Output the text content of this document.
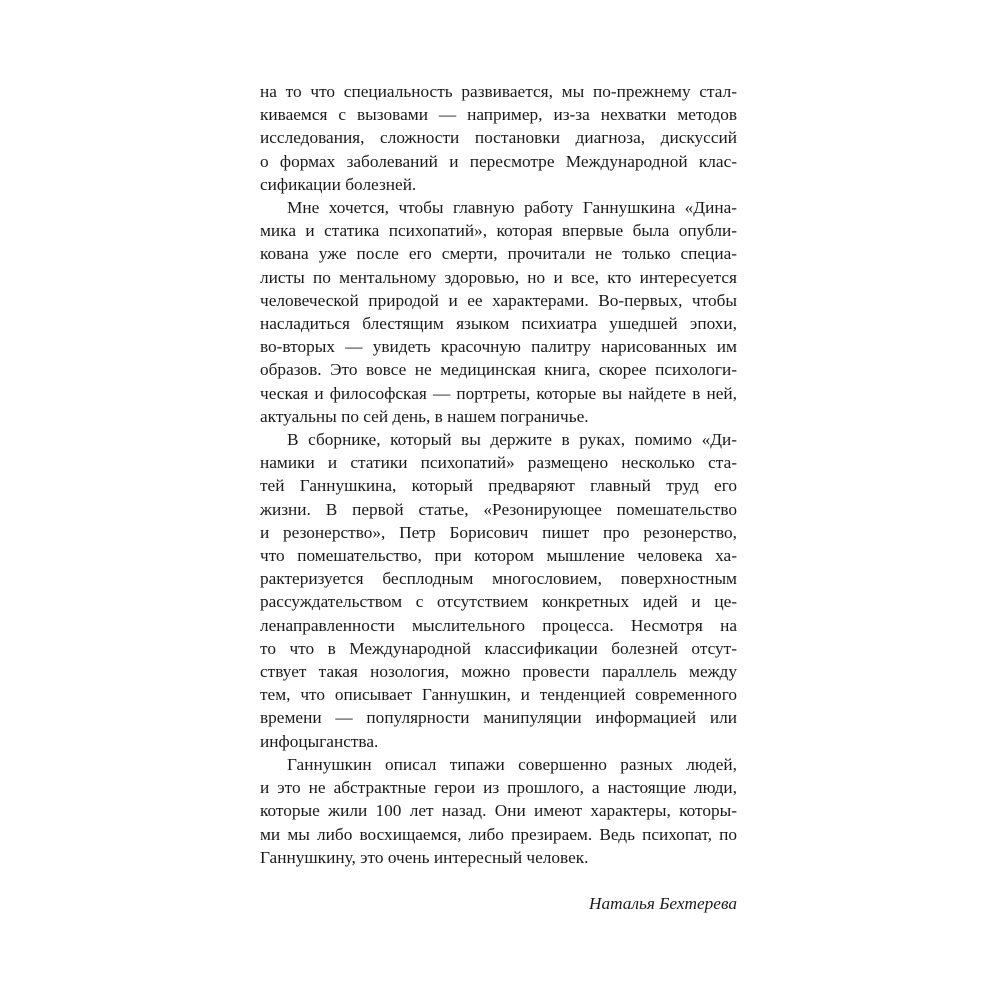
на то что специальность развивается, мы по-прежнему стал-
киваемся с вызовами — например, из-за нехватки методов
исследования, сложности постановки диагноза, дискуссий
о формах заболеваний и пересмотре Международной клас-
сификации болезней.
Мне хочется, чтобы главную работу Ганнушкина «Дина-
мика и статика психопатий», которая впервые была опубли-
кована уже после его смерти, прочитали не только специа-
листы по ментальному здоровью, но и все, кто интересуется
человеческой природой и ее характерами. Во-первых, чтобы
насладиться блестящим языком психиатра ушедшей эпохи,
во-вторых — увидеть красочную палитру нарисованных им
образов. Это вовсе не медицинская книга, скорее психологи-
ческая и философская — портреты, которые вы найдете в ней,
актуальны по сей день, в нашем пограничье.
В сборнике, который вы держите в руках, помимо «Ди-
намики и статики психопатий» размещено несколько ста-
тей Ганнушкина, который предваряют главный труд его
жизни. В первой статье, «Резонирующее помешательство
и резонерство», Петр Борисович пишет про резонерство,
что помешательство, при котором мышление человека ха-
рактеризуется бесплодным многословием, поверхностным
рассуждательством с отсутствием конкретных идей и це-
ленаправленности мыслительного процесса. Несмотря на
то что в Международной классификации болезней отсут-
ствует такая нозология, можно провести параллель между
тем, что описывает Ганнушкин, и тенденцией современного
времени — популярности манипуляции информацией или
инфоцыганства.
Ганнушкин описал типажи совершенно разных людей,
и это не абстрактные герои из прошлого, а настоящие люди,
которые жили 100 лет назад. Они имеют характеры, которы-
ми мы либо восхищаемся, либо презираем. Ведь психопат, по
Ганнушкину, это очень интересный человек.
Наталья Бехтерева
